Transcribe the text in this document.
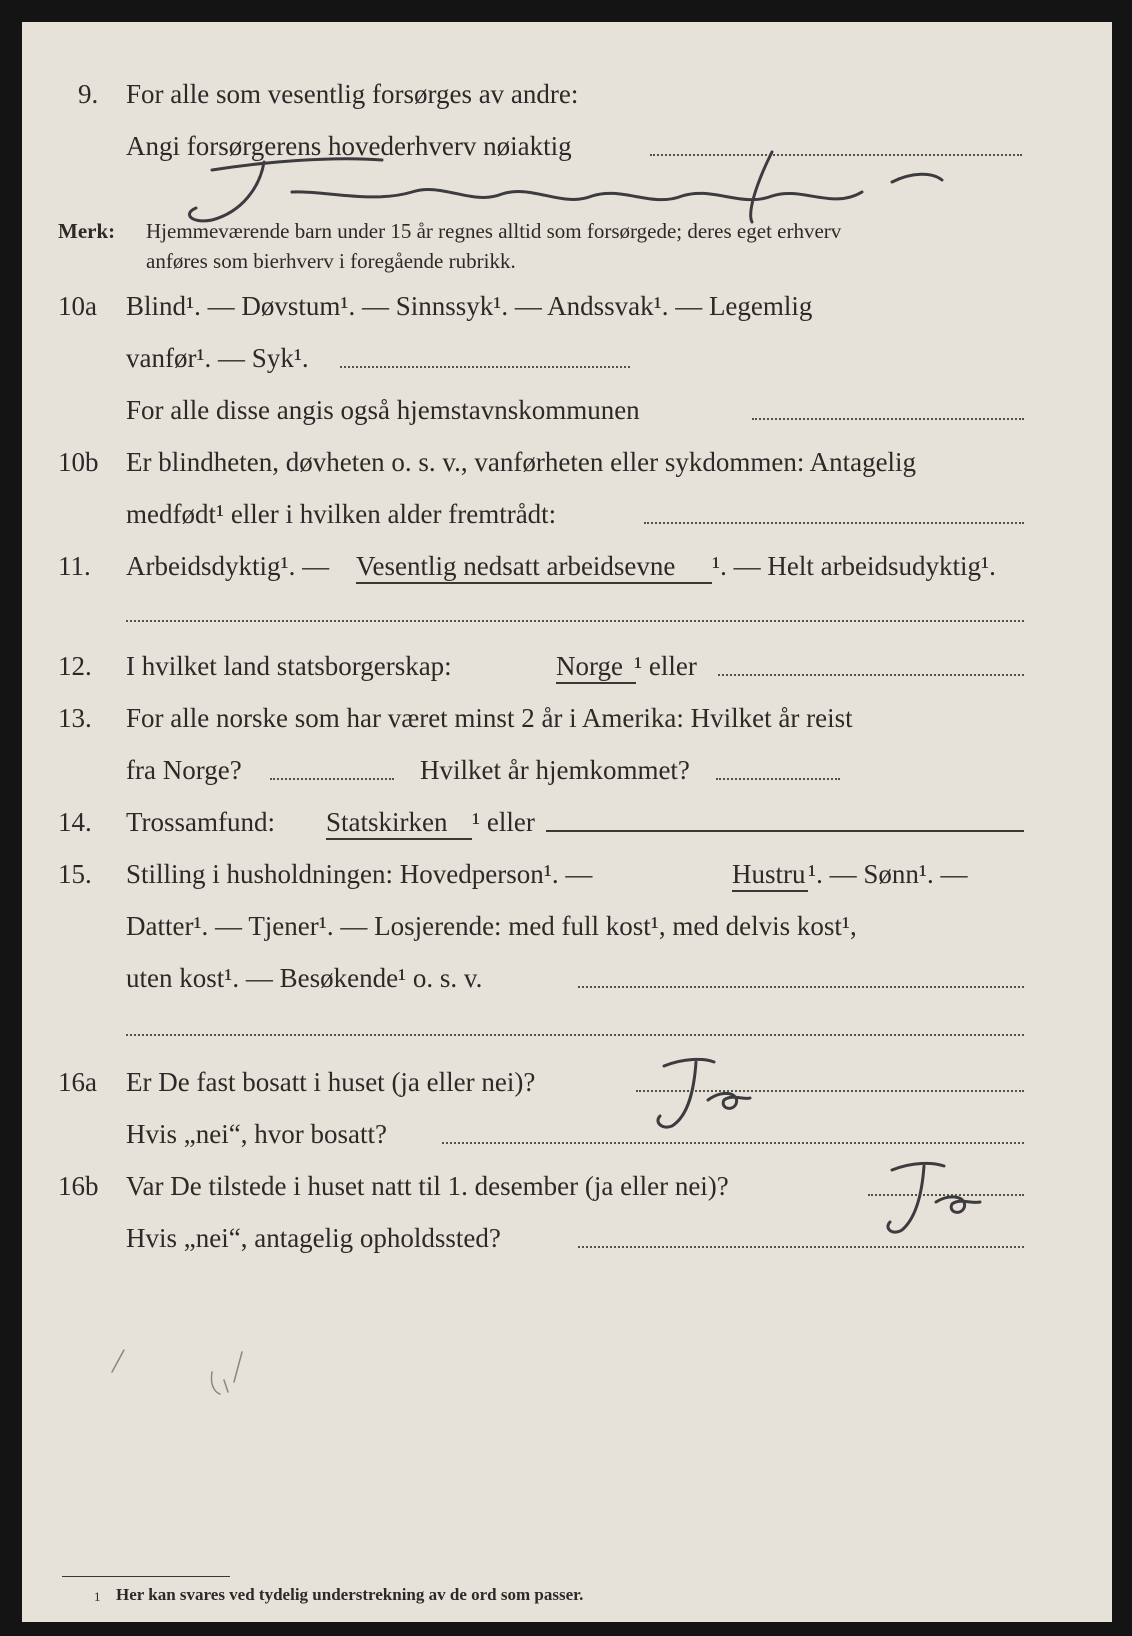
9. For alle som vesentlig forsørges av andre:
Angi forsørgerens hovederhverv nøiaktig
Merk: Hjemmeværende barn under 15 år regnes alltid som forsørgede; deres eget erhverv
anføres som bierhverv i foregående rubrikk.
10a Blind¹. — Døvstum¹. — Sinnssyk¹. — Andssvak¹. — Legemlig
vanfør¹. — Syk¹.
For alle disse angis også hjemstavnskommunen
10b Er blindheten, døvheten o. s. v., vanførheten eller sykdommen: Antagelig
medfødt¹ eller i hvilken alder fremtrådt:
11. Arbeidsdyktig¹. — Vesentlig nedsatt arbeidsevne ¹. — Helt arbeidsudyktig¹.
12. I hvilket land statsborgerskap:	Norge ¹ eller
13. For alle norske som har været minst 2 år i Amerika: Hvilket år reist
fra Norge?	Hvilket år hjemkommet?
14. Trossamfund: Statskirken ¹ eller
15. Stilling i husholdningen: Hovedperson¹. —	Hustru ¹. — Sønn¹. —
Datter¹. — Tjener¹. — Losjerende: med full kost¹, med delvis kost¹,
uten kost¹. — Besøkende¹ o. s. v.
16a Er De fast bosatt i huset (ja eller nei)?
Hvis „nei“, hvor bosatt?
16b Var De tilstede i huset natt til 1. desember (ja eller nei)?
Hvis „nei“, antagelig opholdssted?
1 Her kan svares ved tydelig understrekning av de ord som passer.
